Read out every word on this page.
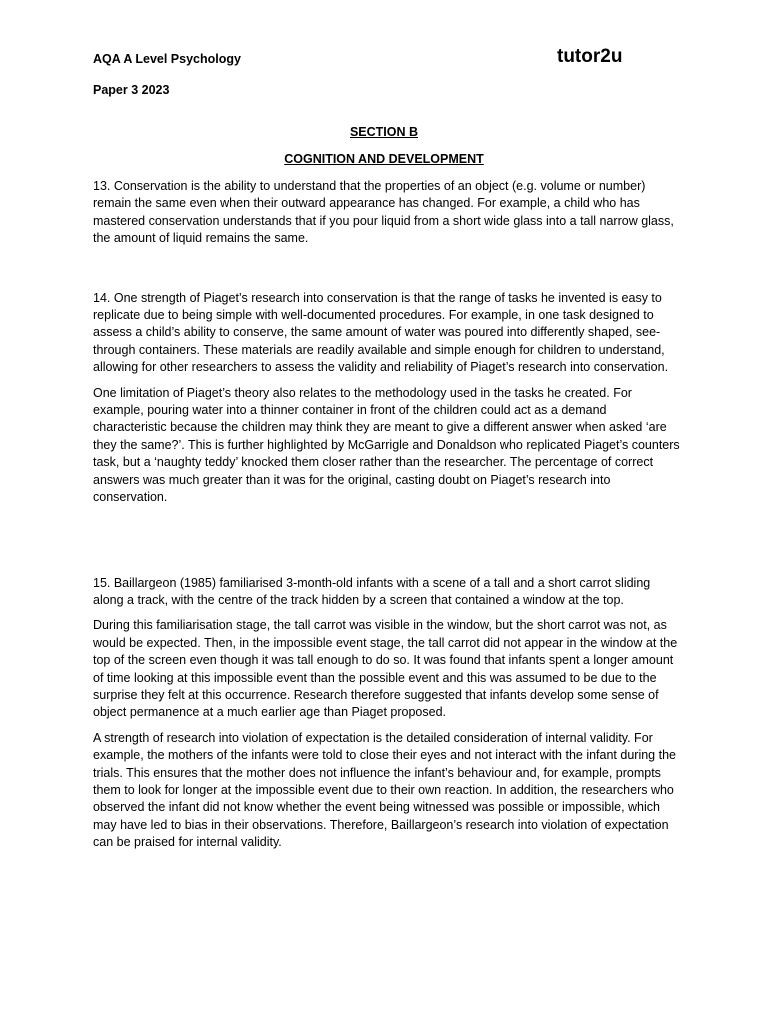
AQA A Level Psychology
Paper 3 2023
tutor2u
SECTION B
COGNITION AND DEVELOPMENT

13. Conservation is the ability to understand that the properties of an object (e.g. volume or number) remain the same even when their outward appearance has changed. For example, a child who has mastered conservation understands that if you pour liquid from a short wide glass into a tall narrow glass, the amount of liquid remains the same.

14. One strength of Piaget’s research into conservation is that the range of tasks he invented is easy to replicate due to being simple with well-documented procedures. For example, in one task designed to assess a child’s ability to conserve, the same amount of water was poured into differently shaped, see-through containers. These materials are readily available and simple enough for children to understand, allowing for other researchers to assess the validity and reliability of Piaget’s research into conservation.

One limitation of Piaget’s theory also relates to the methodology used in the tasks he created. For example, pouring water into a thinner container in front of the children could act as a demand characteristic because the children may think they are meant to give a different answer when asked ‘are they the same?’. This is further highlighted by McGarrigle and Donaldson who replicated Piaget’s counters task, but a ‘naughty teddy’ knocked them closer rather than the researcher. The percentage of correct answers was much greater than it was for the original, casting doubt on Piaget’s research into conservation.

15. Baillargeon (1985) familiarised 3-month-old infants with a scene of a tall and a short carrot sliding along a track, with the centre of the track hidden by a screen that contained a window at the top.

During this familiarisation stage, the tall carrot was visible in the window, but the short carrot was not, as would be expected. Then, in the impossible event stage, the tall carrot did not appear in the window at the top of the screen even though it was tall enough to do so. It was found that infants spent a longer amount of time looking at this impossible event than the possible event and this was assumed to be due to the surprise they felt at this occurrence. Research therefore suggested that infants develop some sense of object permanence at a much earlier age than Piaget proposed.

A strength of research into violation of expectation is the detailed consideration of internal validity. For example, the mothers of the infants were told to close their eyes and not interact with the infant during the trials. This ensures that the mother does not influence the infant’s behaviour and, for example, prompts them to look for longer at the impossible event due to their own reaction. In addition, the researchers who observed the infant did not know whether the event being witnessed was possible or impossible, which may have led to bias in their observations. Therefore, Baillargeon’s research into violation of expectation can be praised for internal validity.
